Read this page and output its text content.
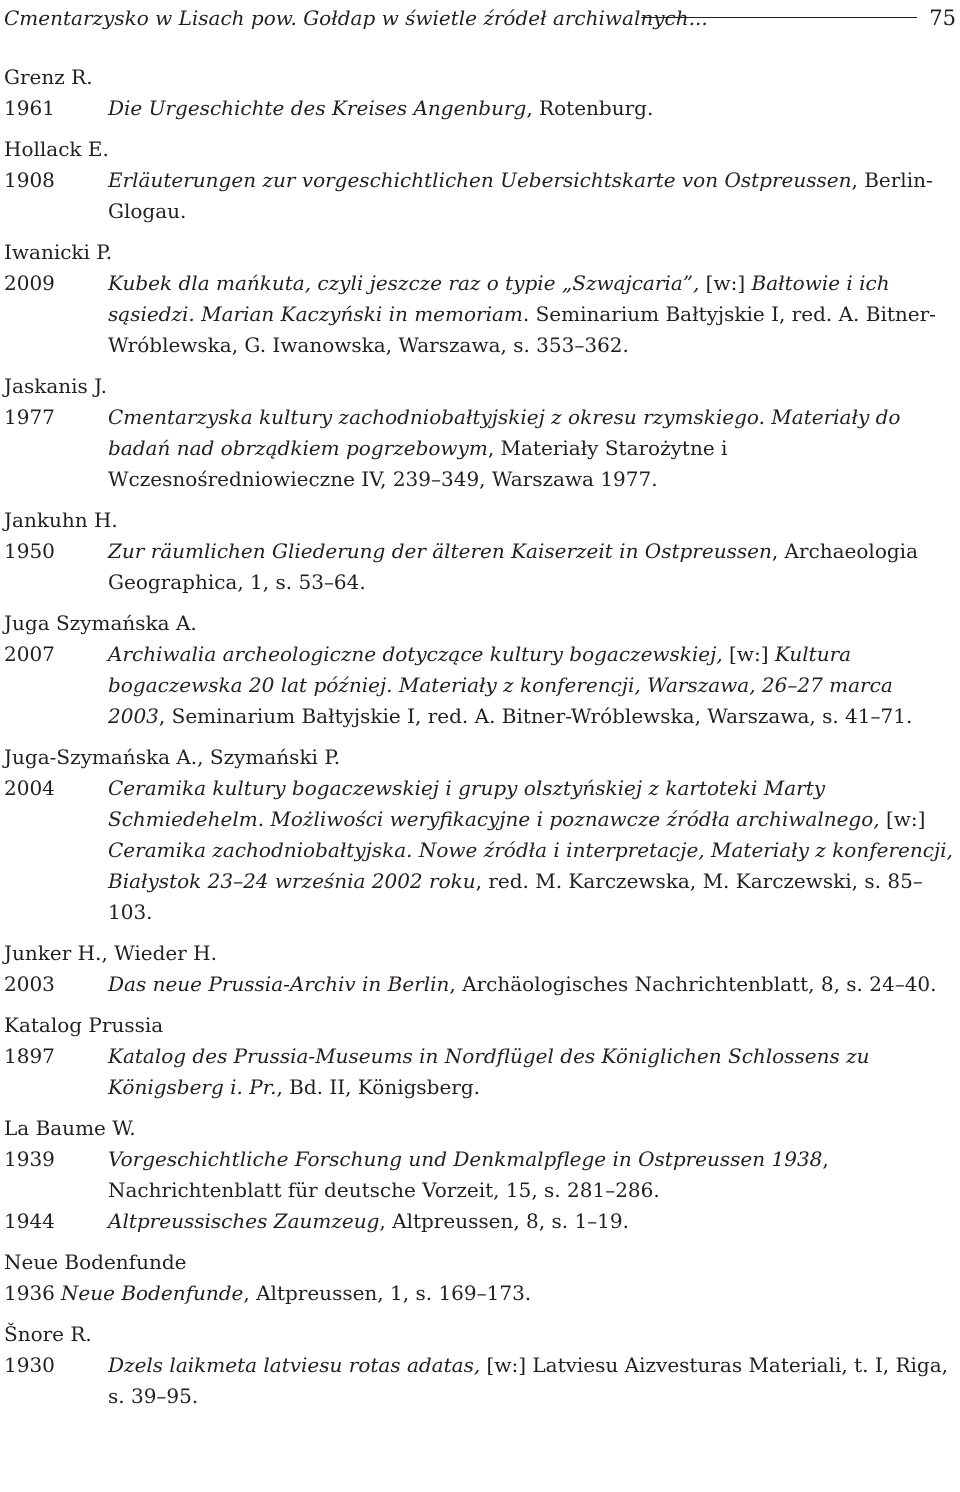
Cmentarzysko w Lisach pow. Gołdap w świetle źródeł archiwalnych...	75
Grenz R.
1961	Die Urgeschichte des Kreises Angenburg, Rotenburg.
Hollack E.
1908	Erläuterungen zur vorgeschichtlichen Uebersichtskarte von Ostpreussen, Berlin-Glogau.
Iwanicki P.
2009	Kubek dla mańkuta, czyli jeszcze raz o typie „Szwajcaria”, [w:] Bałtowie i ich sąsiedzi. Marian Kaczyński in memoriam. Seminarium Bałtyjskie I, red. A. Bitner-Wróblewska, G. Iwanowska, Warszawa, s. 353–362.
Jaskanis J.
1977	Cmentarzyska kultury zachodniobałtyjskiej z okresu rzymskiego. Materiały do badań nad obrządkiem pogrzebowym, Materiały Starożytne i Wczesnośredniowieczne IV, 239–349, Warszawa 1977.
Jankuhn H.
1950	Zur räumlichen Gliederung der älteren Kaiserzeit in Ostpreussen, Archaeologia Geographica, 1, s. 53–64.
Juga Szymańska A.
2007	Archiwalia archeologiczne dotyczące kultury bogaczewskiej, [w:] Kultura bogaczewska 20 lat później. Materiały z konferencji, Warszawa, 26–27 marca 2003, Seminarium Bałtyjskie I, red. A. Bitner-Wróblewska, Warszawa, s. 41–71.
Juga-Szymańska A., Szymański P.
2004	Ceramika kultury bogaczewskiej i grupy olsztyńskiej z kartoteki Marty Schmiedehelm. Możliwości weryfikacyjne i poznawcze źródła archiwalnego, [w:] Ceramika zachodniobałtyjska. Nowe źródła i interpretacje, Materiały z konferencji, Białystok 23–24 września 2002 roku, red. M. Karczewska, M. Karczewski, s. 85–103.
Junker H., Wieder H.
2003	Das neue Prussia-Archiv in Berlin, Archäologisches Nachrichtenblatt, 8, s. 24–40.
Katalog Prussia
1897	Katalog des Prussia-Museums in Nordflügel des Königlichen Schlossens zu Königsberg i. Pr., Bd. II, Königsberg.
La Baume W.
1939	Vorgeschichtliche Forschung und Denkmalpflege in Ostpreussen 1938, Nachrichtenblatt für deutsche Vorzeit, 15, s. 281–286.
1944	Altpreussisches Zaumzeug, Altpreussen, 8, s. 1–19.
Neue Bodenfunde
1936 Neue Bodenfunde, Altpreussen, 1, s. 169–173.
Šnore R.
1930	Dzels laikmeta latviesu rotas adatas, [w:] Latviesu Aizvesturas Materiali, t. I, Riga, s. 39–95.
